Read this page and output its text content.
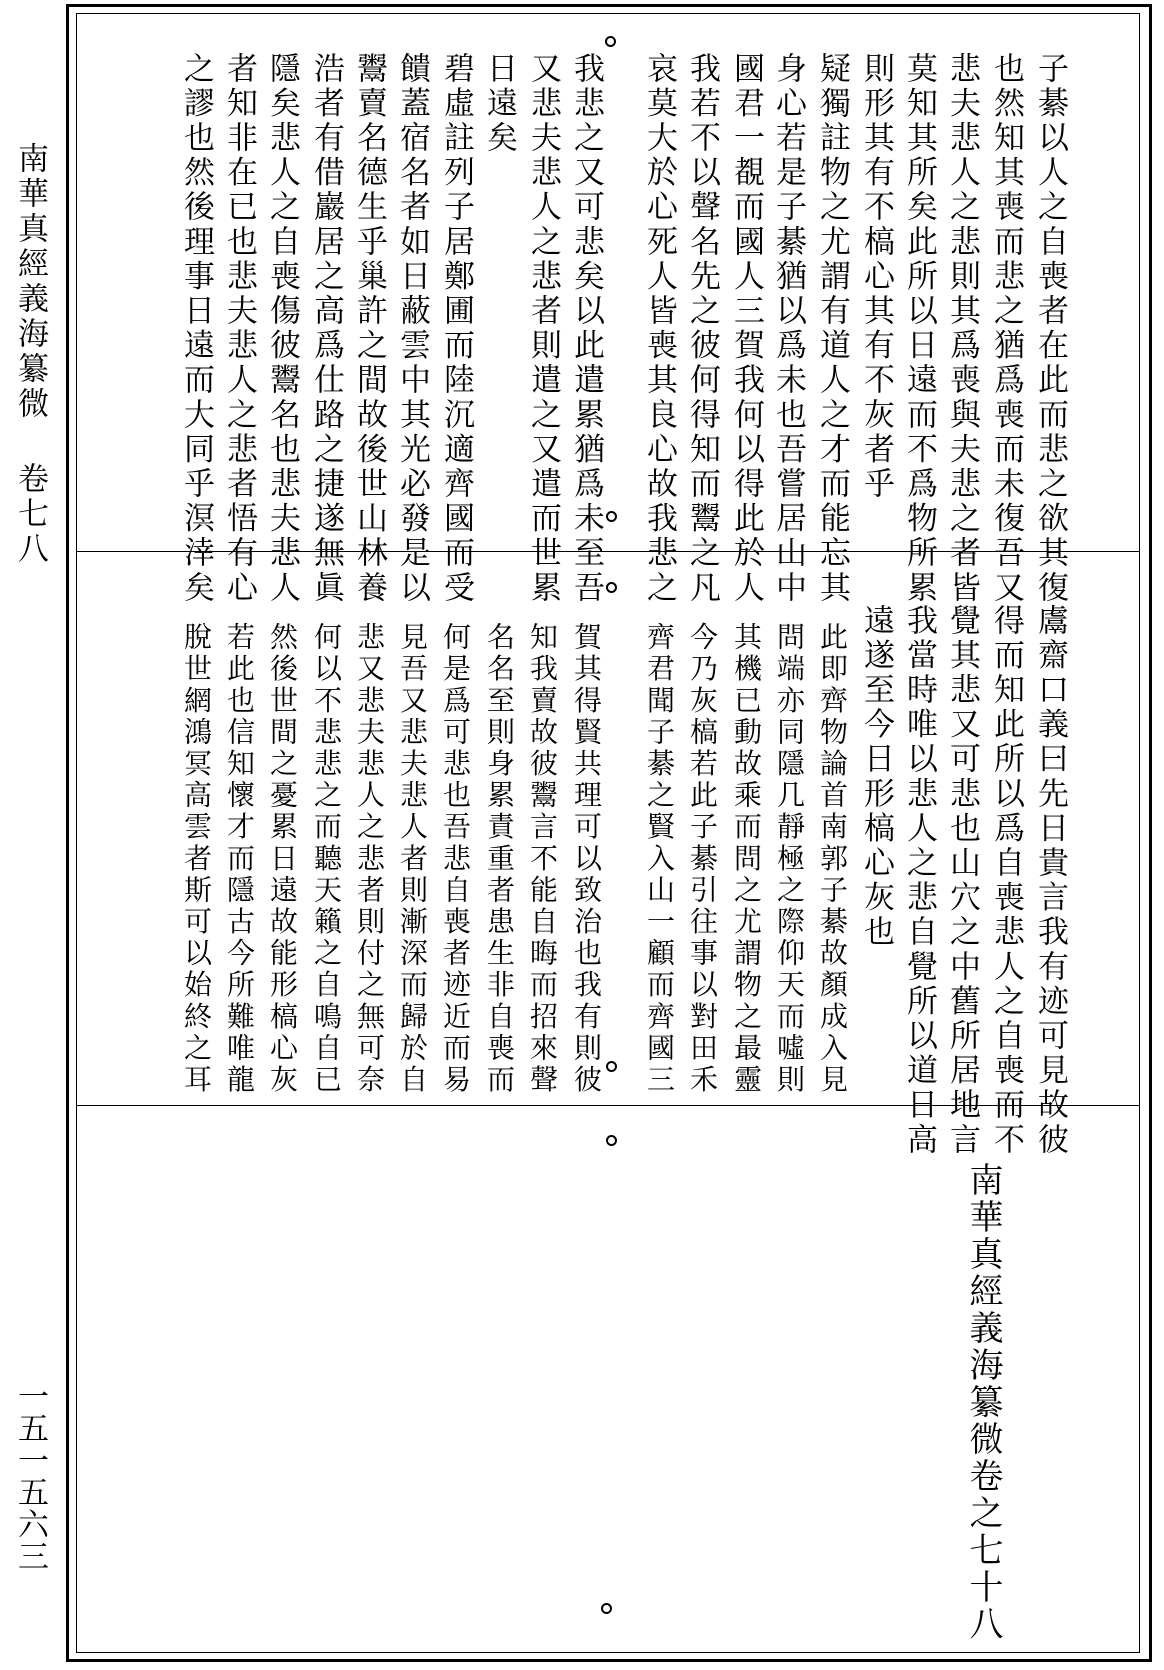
南華真經義海纂微 卷七八
一五一五六三
子綦以人之自喪者在此而悲之欲其復
也然知其喪而悲之猶爲喪而未復吾又
悲夫悲人之悲則其爲喪與夫悲之者皆
莫知其所矣此所以日遠而不爲物所累
則形其有不槁心其有不灰者乎
疑獨註物之尤謂有道人之才而能忘其
身心若是子綦猶以爲未也吾嘗居山中
國君一覩而國人三賀我何以得此於人
我若不以聲名先之彼何得知而鬻之凡
哀莫大於心死人皆喪其良心故我悲之
我悲之又可悲矣以此遣累猶爲未至吾
又悲夫悲人之悲者則遣之又遣而世累
日遠矣
碧虛註列子居鄭圃而陸沉適齊國而受
饋蓋宿名者如日蔽雲中其光必發是以
鬻賣名德生乎巢許之間故後世山林養
浩者有借巖居之高爲仕路之捷遂無眞
隱矣悲人之自喪傷彼鬻名也悲夫悲人
者知非在已也悲夫悲人之悲者悟有心
之謬也然後理事日遠而大同乎溟涬矣
鬳齋口義曰先日貴言我有迹可見故彼
得而知此所以爲自喪悲人之自喪而不
覺其悲又可悲也山穴之中舊所居地言
我當時唯以悲人之悲自覺所以道日高
遠遂至今日形槁心灰也
此即齊物論首南郭子綦故顏成入見
問端亦同隱几靜極之際仰天而噓則
其機已動故乘而問之尤謂物之最靈
今乃灰槁若此子綦引往事以對田禾
齊君聞子綦之賢入山一顧而齊國三
賀其得賢共理可以致治也我有則彼
知我賣故彼鬻言不能自晦而招來聲
名名至則身累責重者患生非自喪而
何是爲可悲也吾悲自喪者迹近而易
見吾又悲夫悲人者則漸深而歸於自
悲又悲夫悲人之悲者則付之無可奈
何以不悲悲之而聽天籟之自鳴自已
然後世間之憂累日遠故能形槁心灰
若此也信知懷才而隱古今所難唯龍
脫世網鴻冥高雲者斯可以始終之耳
南華真經義海纂微卷之七十八
